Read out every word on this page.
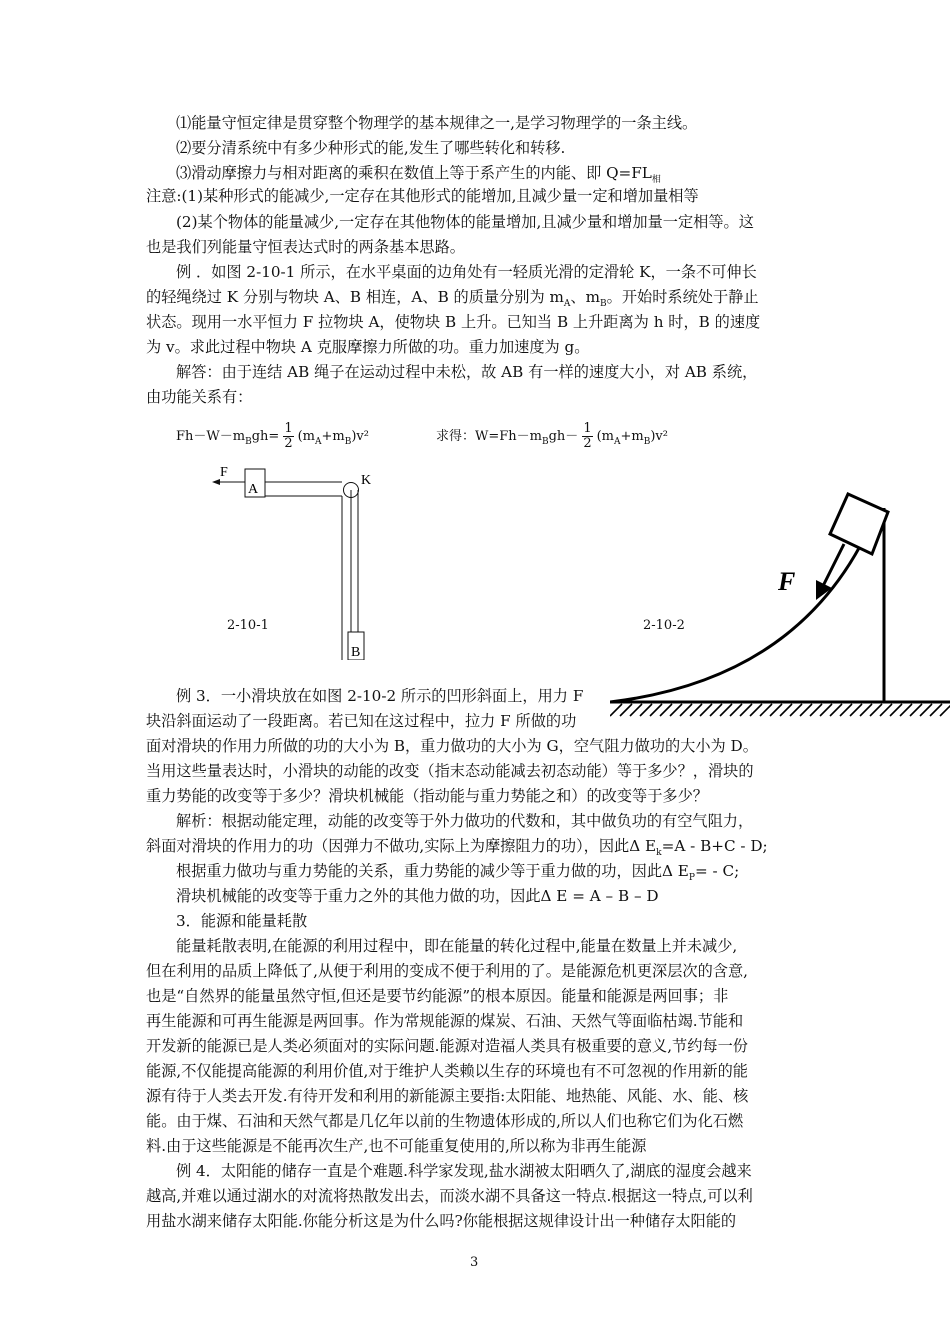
⑴能量守恒定律是贯穿整个物理学的基本规律之一,是学习物理学的一条主线。
⑵要分清系统中有多少种形式的能,发生了哪些转化和转移.
⑶滑动摩擦力与相对距离的乘积在数值上等于系产生的内能、即 $Q=FL_相$
注意:(1)某种形式的能减少,一定存在其他形式的能增加,且减少量一定和增加量相等
(2)某个物体的能量减少,一定存在其他物体的能量增加,且减少量和增加量一定相等。这
也是我们列能量守恒表达式时的两条基本思路。
例 ．如图 2-10-1 所示，在水平桌面的边角处有一轻质光滑的定滑轮 K，一条不可伸长
的轻绳绕过 K 分别与物块 A、B 相连，A、B 的质量分别为 $m_A$、$m_B$。开始时系统处于静止
状态。现用一水平恒力 F 拉物块 A，使物块 B 上升。已知当 B 上升距离为 h 时，B 的速度
为 v。求此过程中物块 A 克服摩擦力所做的功。重力加速度为 g。
解答：由于连结 AB 绳子在运动过程中未松，故 AB 有一样的速度大小，对 AB 系统，
由功能关系有：
$Fh-W-m_Bgh= \frac{1}{2} (m_A+m_B)v^2$	求得：$W=Fh-m_Bgh- \frac{1}{2} (m_A+m_B)v^2$
A
F
K
B
2-10-1
F
2-10-2
例 3．一小滑块放在如图 2-10-2 所示的凹形斜面上，用力 F
块沿斜面运动了一段距离。若已知在这过程中，拉力 F 所做的功
面对滑块的作用力所做的功的大小为 B，重力做功的大小为 G，空气阻力做功的大小为 D。
当用这些量表达时，小滑块的动能的改变（指末态动能减去初态动能）等于多少？，滑块的
重力势能的改变等于多少？滑块机械能（指动能与重力势能之和）的改变等于多少？
解析：根据动能定理，动能的改变等于外力做功的代数和，其中做负功的有空气阻力，
斜面对滑块的作用力的功（因弹力不做功,实际上为摩擦阻力的功），因此Δ $E_k=A - B+C - D$;
根据重力做功与重力势能的关系，重力势能的减少等于重力做的功，因此Δ $E_P= - C$;
滑块机械能的改变等于重力之外的其他力做的功，因此Δ E = A – B – D
3．能源和能量耗散
能量耗散表明,在能源的利用过程中，即在能量的转化过程中,能量在数量上并未减少,
但在利用的品质上降低了,从便于利用的变成不便于利用的了。是能源危机更深层次的含意,
也是“自然界的能量虽然守恒,但还是要节约能源”的根本原因。能量和能源是两回事；非
再生能源和可再生能源是两回事。作为常规能源的煤炭、石油、天然气等面临枯竭.节能和
开发新的能源已是人类必须面对的实际问题.能源对造福人类具有极重要的意义,节约每一份
能源,不仅能提高能源的利用价值,对于维护人类赖以生存的环境也有不可忽视的作用新的能
源有待于人类去开发.有待开发和利用的新能源主要指:太阳能、地热能、风能、水、能、核
能。由于煤、石油和天然气都是几亿年以前的生物遗体形成的,所以人们也称它们为化石燃
料.由于这些能源是不能再次生产,也不可能重复使用的,所以称为非再生能源
例 4．太阳能的储存一直是个难题.科学家发现,盐水湖被太阳晒久了,湖底的湿度会越来
越高,并难以通过湖水的对流将热散发出去，而淡水湖不具备这一特点.根据这一特点,可以利
用盐水湖来储存太阳能.你能分析这是为什么吗?你能根据这规律设计出一种储存太阳能的
3
